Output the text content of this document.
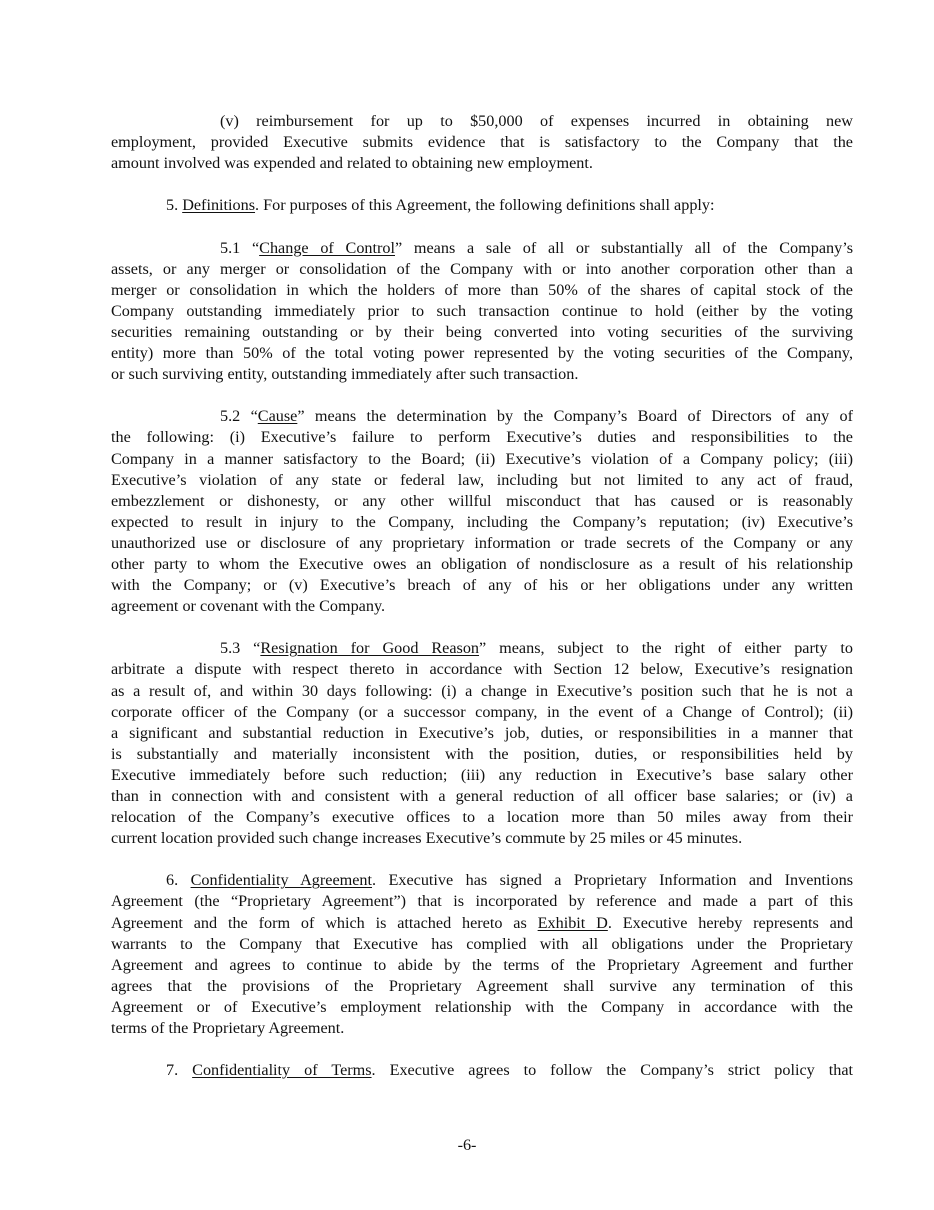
(v) reimbursement for up to $50,000 of expenses incurred in obtaining new
employment, provided Executive submits evidence that is satisfactory to the Company that the
amount involved was expended and related to obtaining new employment.
5. Definitions. For purposes of this Agreement, the following definitions shall apply:
5.1 “Change of Control” means a sale of all or substantially all of the Company’s
assets, or any merger or consolidation of the Company with or into another corporation other than a
merger or consolidation in which the holders of more than 50% of the shares of capital stock of the
Company outstanding immediately prior to such transaction continue to hold (either by the voting
securities remaining outstanding or by their being converted into voting securities of the surviving
entity) more than 50% of the total voting power represented by the voting securities of the Company,
or such surviving entity, outstanding immediately after such transaction.
5.2 “Cause” means the determination by the Company’s Board of Directors of any of
the following: (i) Executive’s failure to perform Executive’s duties and responsibilities to the
Company in a manner satisfactory to the Board; (ii) Executive’s violation of a Company policy; (iii)
Executive’s violation of any state or federal law, including but not limited to any act of fraud,
embezzlement or dishonesty, or any other willful misconduct that has caused or is reasonably
expected to result in injury to the Company, including the Company’s reputation; (iv) Executive’s
unauthorized use or disclosure of any proprietary information or trade secrets of the Company or any
other party to whom the Executive owes an obligation of nondisclosure as a result of his relationship
with the Company; or (v) Executive’s breach of any of his or her obligations under any written
agreement or covenant with the Company.
5.3 “Resignation for Good Reason” means, subject to the right of either party to
arbitrate a dispute with respect thereto in accordance with Section 12 below, Executive’s resignation
as a result of, and within 30 days following: (i) a change in Executive’s position such that he is not a
corporate officer of the Company (or a successor company, in the event of a Change of Control); (ii)
a significant and substantial reduction in Executive’s job, duties, or responsibilities in a manner that
is substantially and materially inconsistent with the position, duties, or responsibilities held by
Executive immediately before such reduction; (iii) any reduction in Executive’s base salary other
than in connection with and consistent with a general reduction of all officer base salaries; or (iv) a
relocation of the Company’s executive offices to a location more than 50 miles away from their
current location provided such change increases Executive’s commute by 25 miles or 45 minutes.
6. Confidentiality Agreement. Executive has signed a Proprietary Information and Inventions
Agreement (the “Proprietary Agreement”) that is incorporated by reference and made a part of this
Agreement and the form of which is attached hereto as Exhibit D. Executive hereby represents and
warrants to the Company that Executive has complied with all obligations under the Proprietary
Agreement and agrees to continue to abide by the terms of the Proprietary Agreement and further
agrees that the provisions of the Proprietary Agreement shall survive any termination of this
Agreement or of Executive’s employment relationship with the Company in accordance with the
terms of the Proprietary Agreement.
7. Confidentiality of Terms. Executive agrees to follow the Company’s strict policy that
-6-
